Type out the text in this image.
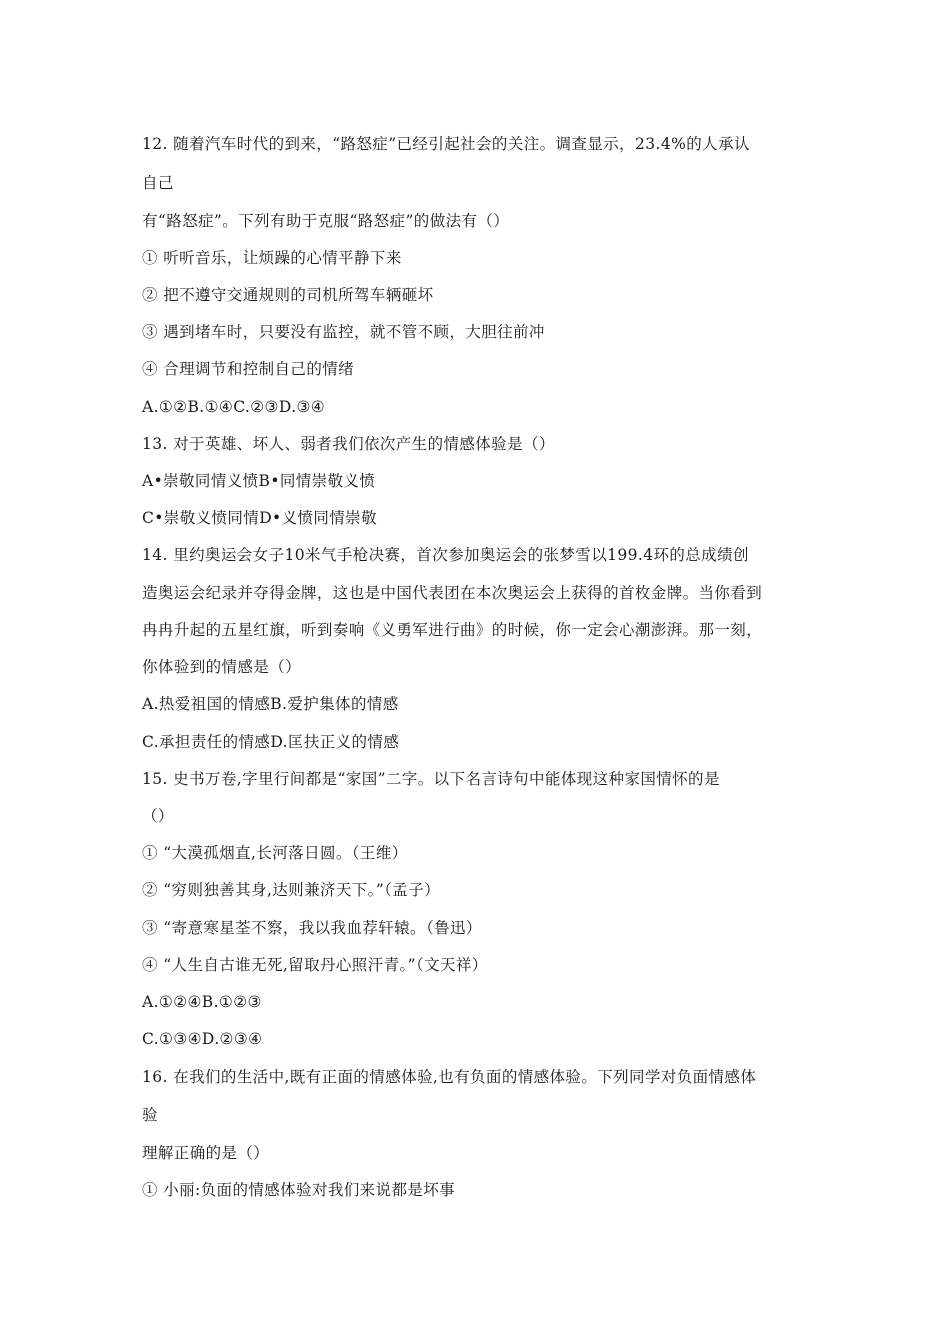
12. 随着汽车时代的到来，“路怒症”已经引起社会的关注。调查显示，23.4%的人承认
自己
有“路怒症”。下列有助于克服“路怒症”的做法有（）
① 听听音乐，让烦躁的心情平静下来
② 把不遵守交通规则的司机所驾车辆砸坏
③ 遇到堵车时，只要没有监控，就不管不顾，大胆往前冲
④ 合理调节和控制自己的情绪
A.①②B.①④C.②③D.③④
13. 对于英雄、坏人、弱者我们依次产生的情感体验是（）
A•崇敬同情义愤B•同情崇敬义愤
C•崇敬义愤同情D•义愤同情崇敬
14. 里约奥运会女子10米气手枪决赛，首次参加奥运会的张梦雪以199.4环的总成绩创
造奥运会纪录并夺得金牌，这也是中国代表团在本次奥运会上获得的首枚金牌。当你看到
冉冉升起的五星红旗，听到奏响《义勇军进行曲》的时候，你一定会心潮澎湃。那一刻，
你体验到的情感是（）
A.热爱祖国的情感B.爱护集体的情感
C.承担责任的情感D.匡扶正义的情感
15. 史书万卷,字里行间都是“家国”二字。以下名言诗句中能体现这种家国情怀的是
（）
① “大漠孤烟直,长河落日圆。（王维）
② “穷则独善其身,达则兼济天下。”（孟子）
③ “寄意寒星荃不察，我以我血荐轩辕。（鲁迅）
④ “人生自古谁无死,留取丹心照汗青。”（文天祥）
A.①②④B.①②③
C.①③④D.②③④
16. 在我们的生活中,既有正面的情感体验,也有负面的情感体验。下列同学对负面情感体
验
理解正确的是（）
① 小丽:负面的情感体验对我们来说都是坏事
